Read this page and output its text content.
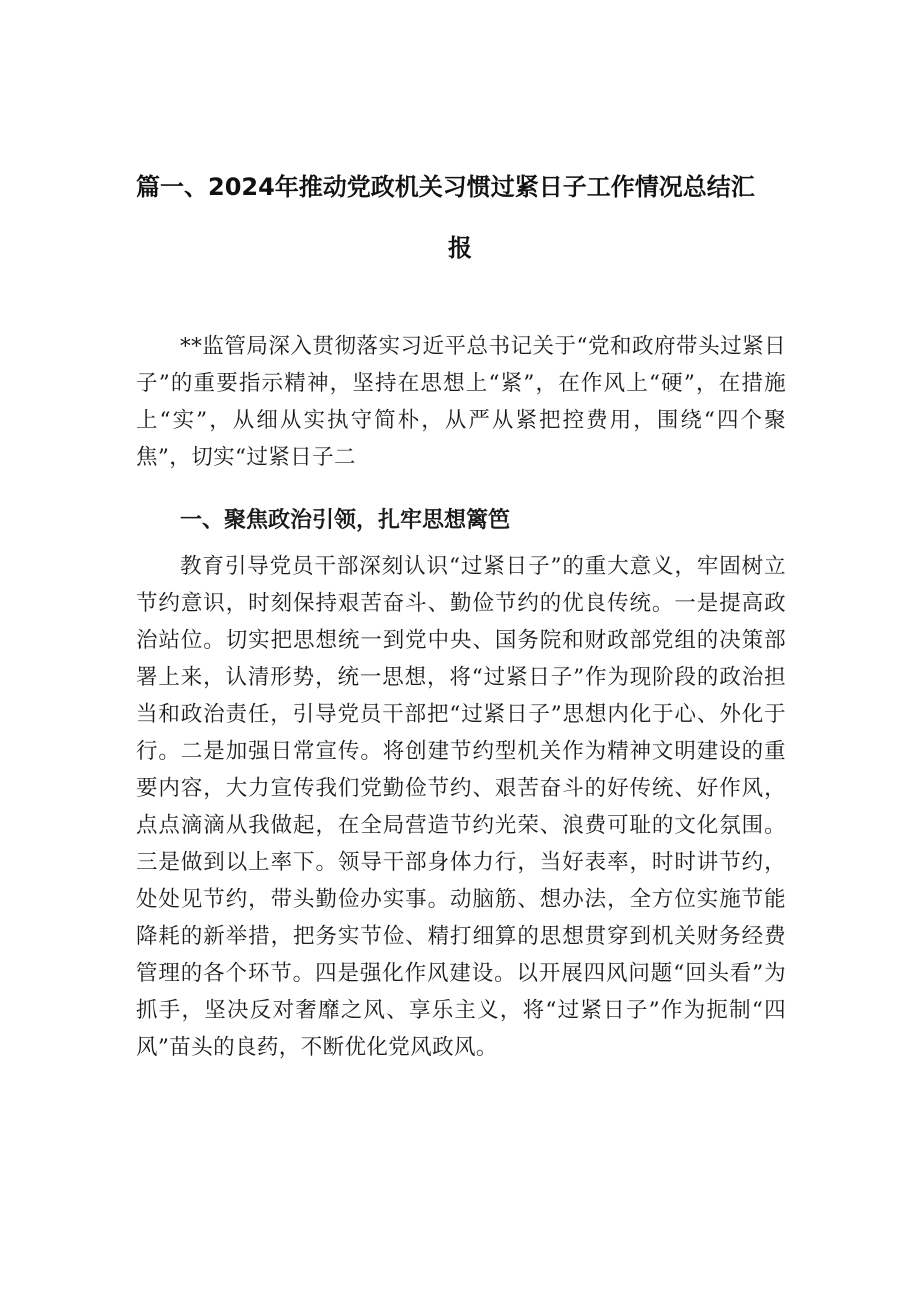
篇一、2024年推动党政机关习惯过紧日子工作情况总结汇
报
**监管局深入贯彻落实习近平总书记关于“党和政府带头过紧日子”的重要指示精神，坚持在思想上“紧”，在作风上“硬”，在措施上“实”，从细从实执守简朴，从严从紧把控费用，围绕“四个聚焦”，切实“过紧日子二
一、聚焦政治引领，扎牢思想篱笆
教育引导党员干部深刻认识“过紧日子”的重大意义，牢固树立节约意识，时刻保持艰苦奋斗、勤俭节约的优良传统。一是提高政治站位。切实把思想统一到党中央、国务院和财政部党组的决策部署上来，认清形势，统一思想，将“过紧日子”作为现阶段的政治担当和政治责任，引导党员干部把“过紧日子”思想内化于心、外化于行。二是加强日常宣传。将创建节约型机关作为精神文明建设的重要内容，大力宣传我们党勤俭节约、艰苦奋斗的好传统、好作风，点点滴滴从我做起，在全局营造节约光荣、浪费可耻的文化氛围。三是做到以上率下。领导干部身体力行，当好表率，时时讲节约，处处见节约，带头勤俭办实事。动脑筋、想办法，全方位实施节能降耗的新举措，把务实节俭、精打细算的思想贯穿到机关财务经费管理的各个环节。四是强化作风建设。以开展四风问题“回头看”为抓手，坚决反对奢靡之风、享乐主义，将“过紧日子”作为扼制“四风”苗头的良药，不断优化党风政风。
